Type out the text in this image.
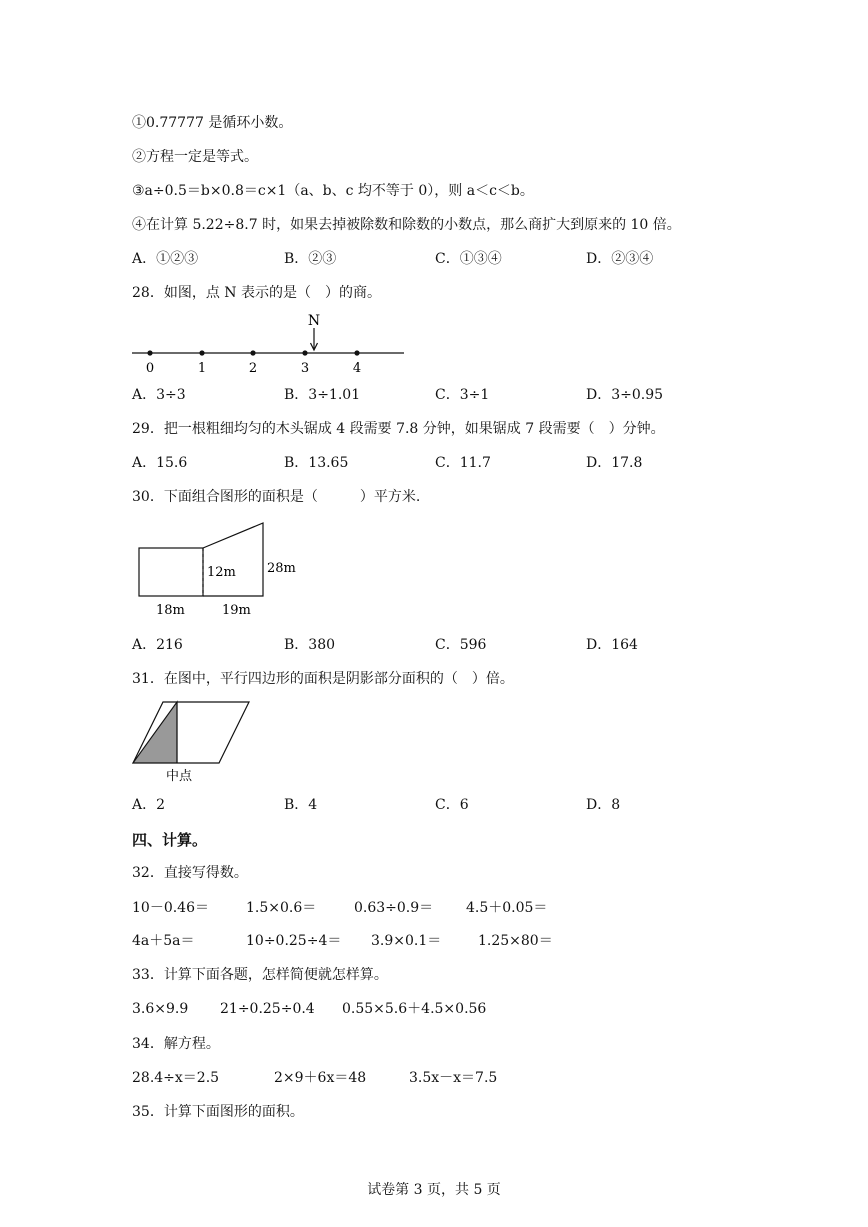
①0.77777 是循环小数。
②方程一定是等式。
③a÷0.5＝b×0.8＝c×1（a、b、c 均不等于 0），则 a＜c＜b。
④在计算 5.22÷8.7 时，如果去掉被除数和除数的小数点，那么商扩大到原来的 10 倍。
A．①②③	B．②③	C．①③④	D．②③④
28．如图，点 N 表示的是（　）的商。
0	1	2	3	4
N
A．3÷3	B．3÷1.01	C．3÷1	D．3÷0.95
29．把一根粗细均匀的木头锯成 4 段需要 7.8 分钟，如果锯成 7 段需要（　）分钟。
A．15.6	B．13.65	C．11.7	D．17.8
30．下面组合图形的面积是（　　　）平方米.
12m 28m
18m	19m
A．216	B．380	C．596	D．164
31．在图中，平行四边形的面积是阴影部分面积的（　）倍。
中点
A．2	B．4	C．6	D．8
四、计算。
32．直接写得数。
10－0.46＝	1.5×0.6＝	0.63÷0.9＝ 4.5＋0.05＝
4a＋5a＝	10÷0.25÷4＝ 3.9×0.1＝	1.25×80＝
33．计算下面各题，怎样简便就怎样算。
3.6×9.9 21÷0.25÷0.4 0.55×5.6＋4.5×0.56
34．解方程。
28.4÷x＝2.5	2×9＋6x＝48	3.5x－x＝7.5
35．计算下面图形的面积。
试卷第 3 页，共 5 页
